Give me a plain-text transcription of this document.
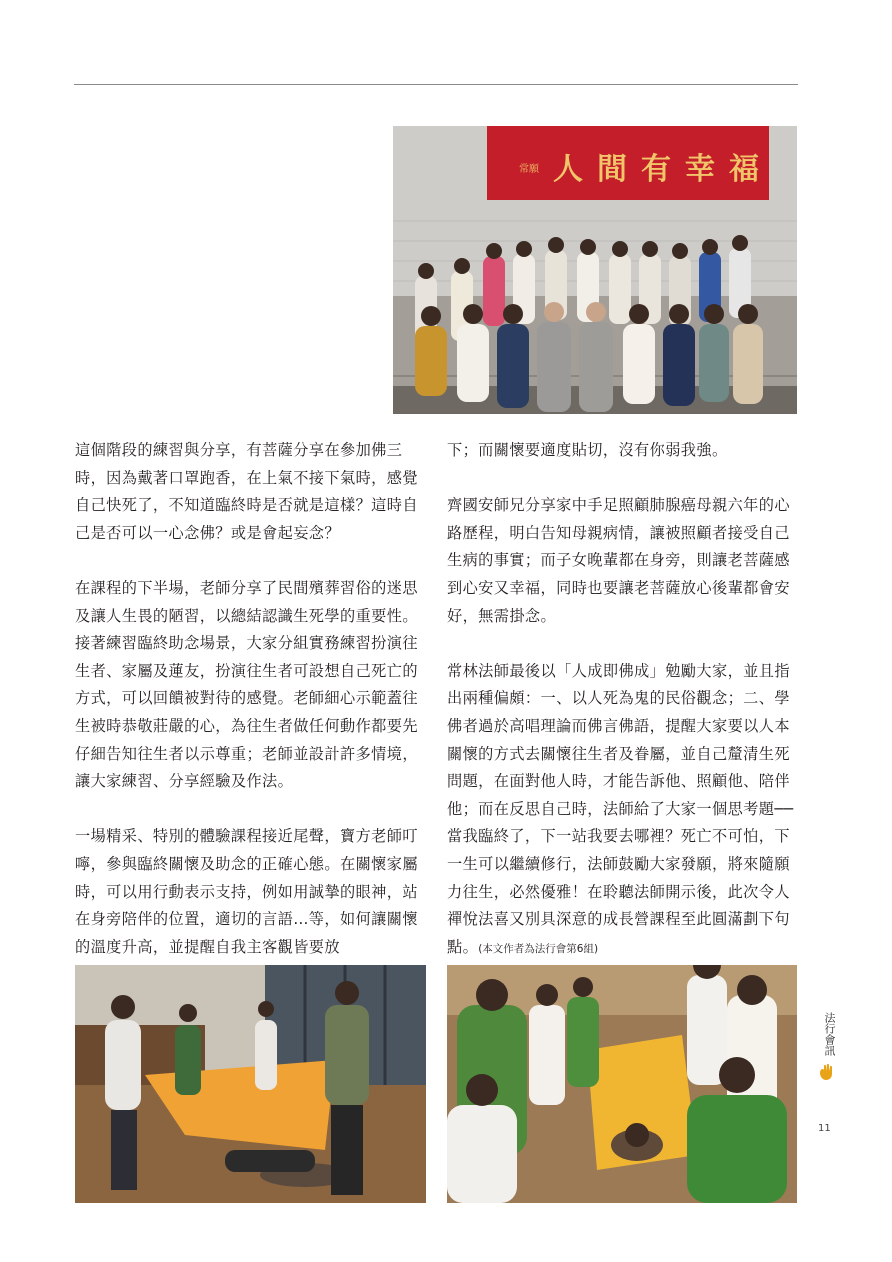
人間有幸福
常願

這個階段的練習與分享，有菩薩分享在參加佛三時，因為戴著口罩跑香，在上氣不接下氣時，感覺自己快死了，不知道臨終時是否就是這樣？這時自己是否可以一心念佛？或是會起妄念？

在課程的下半場，老師分享了民間殯葬習俗的迷思及讓人生畏的陋習，以總結認識生死學的重要性。接著練習臨終助念場景，大家分組實務練習扮演往生者、家屬及蓮友，扮演往生者可設想自己死亡的方式，可以回饋被對待的感覺。老師細心示範蓋往生被時恭敬莊嚴的心，為往生者做任何動作都要先仔細告知往生者以示尊重；老師並設計許多情境，讓大家練習、分享經驗及作法。

一場精采、特別的體驗課程接近尾聲，寶方老師叮嚀，參與臨終關懷及助念的正確心態。在關懷家屬時，可以用行動表示支持，例如用誠摯的眼神，站在身旁陪伴的位置，適切的言語…等，如何讓關懷的溫度升高，並提醒自我主客觀皆要放

下；而關懷要適度貼切，沒有你弱我強。

齊國安師兄分享家中手足照顧肺腺癌母親六年的心路歷程，明白告知母親病情，讓被照顧者接受自己生病的事實；而子女晚輩都在身旁，則讓老菩薩感到心安又幸福，同時也要讓老菩薩放心後輩都會安好，無需掛念。

常林法師最後以「人成即佛成」勉勵大家，並且指出兩種偏頗：一、以人死為鬼的民俗觀念；二、學佛者過於高唱理論而佛言佛語，提醒大家要以人本關懷的方式去關懷往生者及眷屬，並自己釐清生死問題，在面對他人時，才能告訴他、照顧他、陪伴他；而在反思自己時，法師給了大家一個思考題──當我臨終了，下一站我要去哪裡？死亡不可怕，下一生可以繼續修行，法師鼓勵大家發願，將來隨願力往生，必然優雅！在聆聽法師開示後，此次令人禪悅法喜又別具深意的成長營課程至此圓滿劃下句點。(本文作者為法行會第6組)

法行會訊
11
